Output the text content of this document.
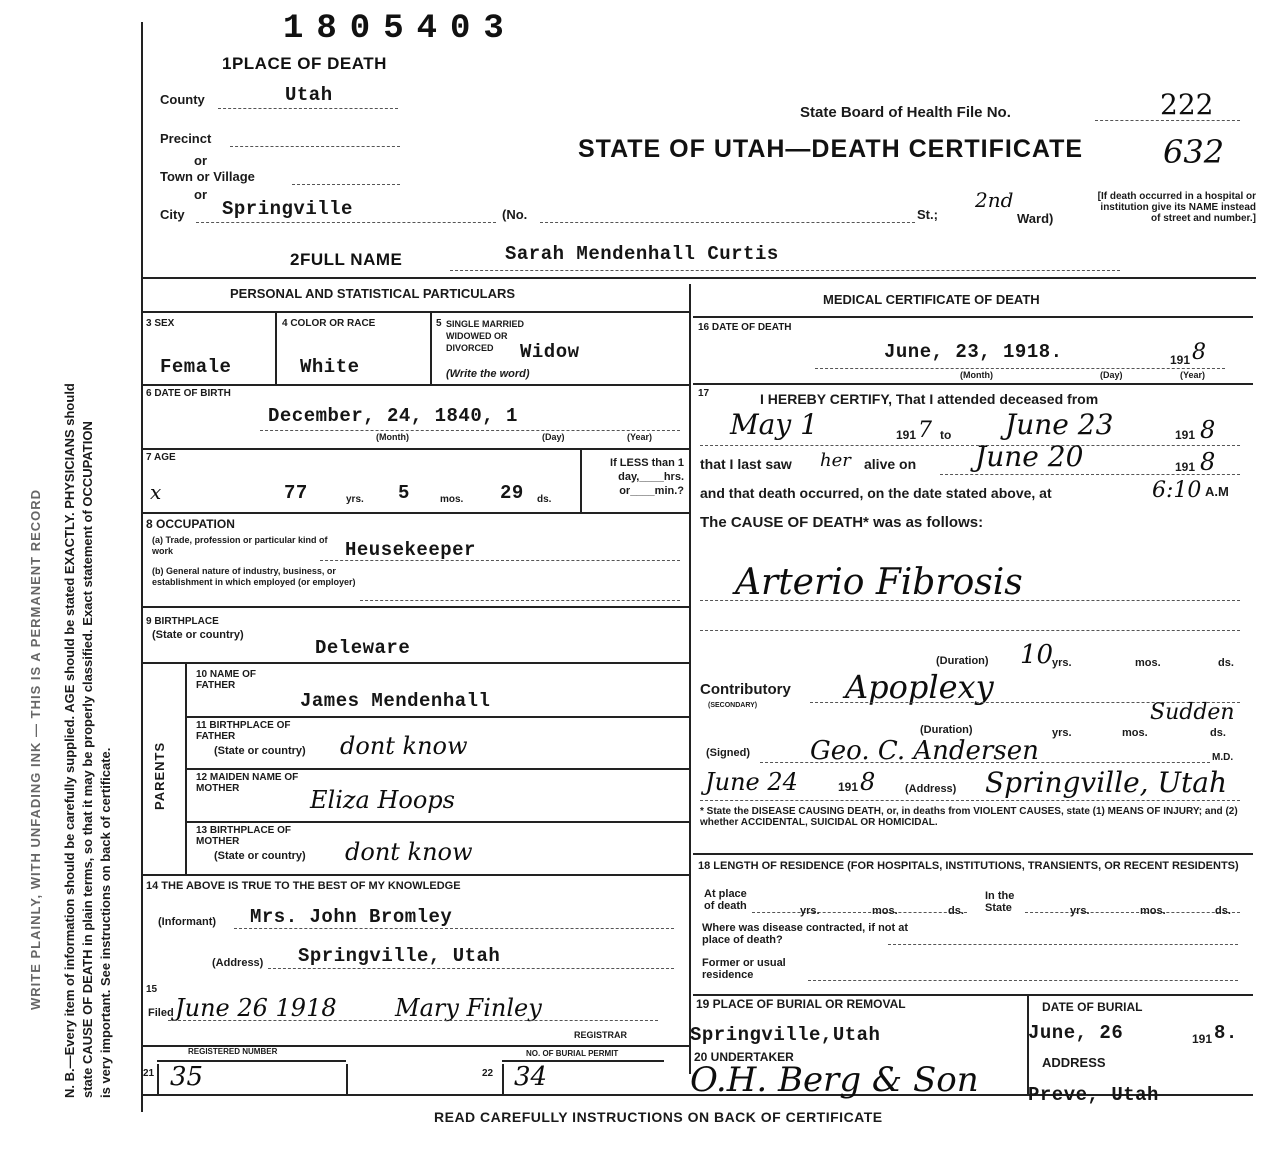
WRITE PLAINLY, WITH UNFADING INK — THIS IS A PERMANENT RECORD N. B.—Every item of information should be carefully supplied. AGE should be stated EXACTLY. PHYSICIANS should state CAUSE OF DEATH in plain terms, so that it may be properly classified. Exact statement of OCCUPATION is very important. See instructions on back of certificate.
1805403
1PLACE OF DEATH
County	Utah
Precinct
or
Town or Village
or
City Springville	(No.	St.;
2nd
Ward)
[If death occurred in a hospital or institution give its NAME instead of street and number.]
State Board of Health File No.	222
STATE OF UTAH—DEATH CERTIFICATE 632
2FULL NAME	Sarah Mendenhall Curtis
PERSONAL AND STATISTICAL PARTICULARS
3 SEX
Female
4 COLOR OR RACE
White
5 SINGLE MARRIED WIDOWED OR DIVORCED
(Write the word)
Widow
6 DATE OF BIRTH
December, 24, 1840, 1
(Month)	(Day)	(Year)
7 AGE
x	77	yrs. 5	mos. 29 ds.
If LESS than 1 day,____hrs. or____min.?
8 OCCUPATION
(a) Trade, profession or particular kind of work	Heusekeeper
(b) General nature of industry, business, or establishment in which employed (or employer)
9 BIRTHPLACE
(State or country)
Deleware
PARENTS
10 NAME OF FATHER
James Mendenhall
11 BIRTHPLACE OF FATHER
(State or country) dont know
12 MAIDEN NAME OF MOTHER	Eliza Hoops
13 BIRTHPLACE OF MOTHER
(State or country) dont know
14 THE ABOVE IS TRUE TO THE BEST OF MY KNOWLEDGE
(Informant) Mrs. John Bromley
(Address) Springville, Utah
15
Filed June 26 1918 Mary Finley
REGISTRAR
REGISTERED NUMBER
21 35	22
NO. OF BURIAL PERMIT
34
MEDICAL CERTIFICATE OF DEATH
16 DATE OF DEATH
June, 23, 1918.	191 8
(Month)	(Day)	(Year)
17	I HEREBY CERTIFY, That I attended deceased from
May 1	191 7 to June 23	191 8
that I last saw her alive on June 20	191 8
and that death occurred, on the date stated above, at	6:10 A.M
The CAUSE OF DEATH* was as follows:
Arterio Fibrosis
(Duration) 10
yrs.	mos.	ds.
Contributory
(SECONDARY)	Apoplexy
(Duration)	yrs.	mos.
Sudden
ds.
(Signed) Geo. C. Andersen	M.D.
June 24	191 8	(Address) Springville, Utah
* State the DISEASE CAUSING DEATH, or, in deaths from VIOLENT CAUSES, state (1) MEANS OF INJURY; and (2) whether ACCIDENTAL, SUICIDAL OR HOMICIDAL.
18 LENGTH OF RESIDENCE (FOR HOSPITALS, INSTITUTIONS, TRANSIENTS, OR RECENT RESIDENTS)
At place of death	yrs.	mos.	ds.
In the State	yrs.	mos.	ds.
Where was disease contracted, if not at place of death?
Former or usual residence
19 PLACE OF BURIAL OR REMOVAL
Springville,Utah
DATE OF BURIAL
June, 26	191 8.
20 UNDERTAKER
O.H. Berg & Son	ADDRESS
Preve, Utah
READ CAREFULLY INSTRUCTIONS ON BACK OF CERTIFICATE
